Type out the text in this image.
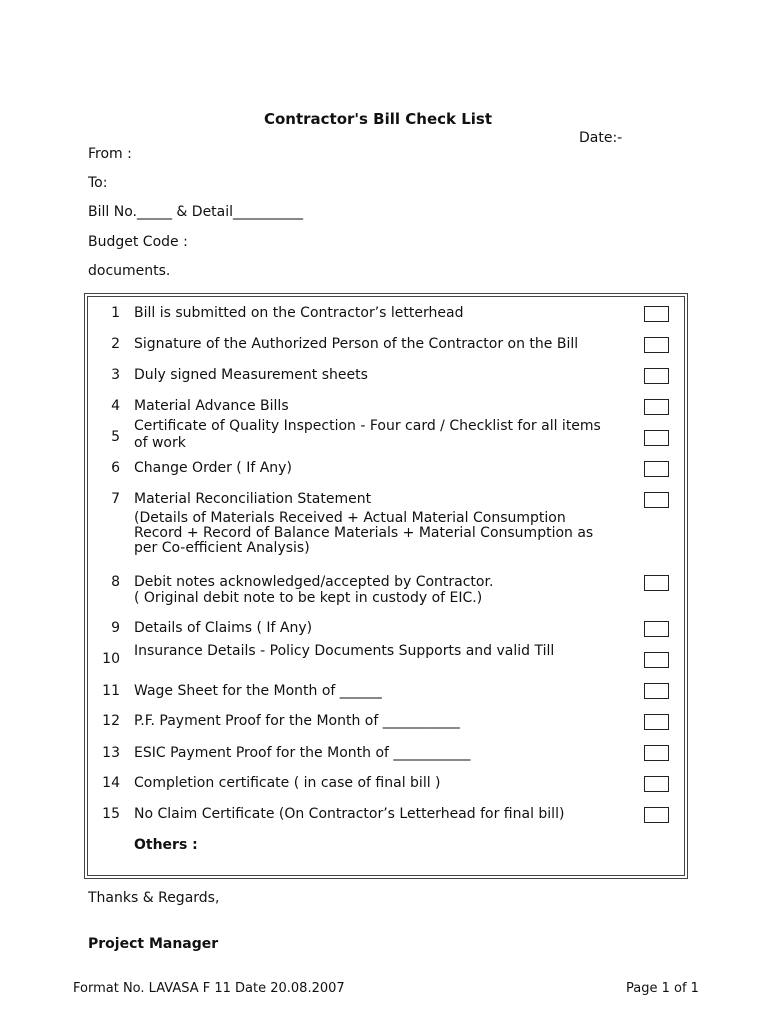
Contractor's Bill Check List
Date:-
From :
To:
Bill No._____ & Detail__________
Budget Code :
documents.
1 Bill is submitted on the Contractor’s letterhead
2 Signature of the Authorized Person of the Contractor on the Bill
3 Duly signed Measurement sheets
4 Material Advance Bills
5
Certificate of Quality Inspection - Four card / Checklist for all items of work
6 Change Order ( If Any)
7 Material Reconciliation Statement
(Details of Materials Received + Actual Material Consumption
Record + Record of Balance Materials + Material Consumption as
per Co-efficient Analysis)
8 Debit notes acknowledged/accepted by Contractor.
( Original debit note to be kept in custody of EIC.)
9 Details of Claims ( If Any)
10 Insurance Details - Policy Documents Supports and valid Till
11 Wage Sheet for the Month of ______
12 P.F. Payment Proof for the Month of ___________
13 ESIC Payment Proof for the Month of ___________
14 Completion certificate ( in case of final bill )
15 No Claim Certificate (On Contractor’s Letterhead for final bill)
Others :
Thanks & Regards,
Project Manager
Format No. LAVASA F 11 Date 20.08.2007	Page 1 of 1
